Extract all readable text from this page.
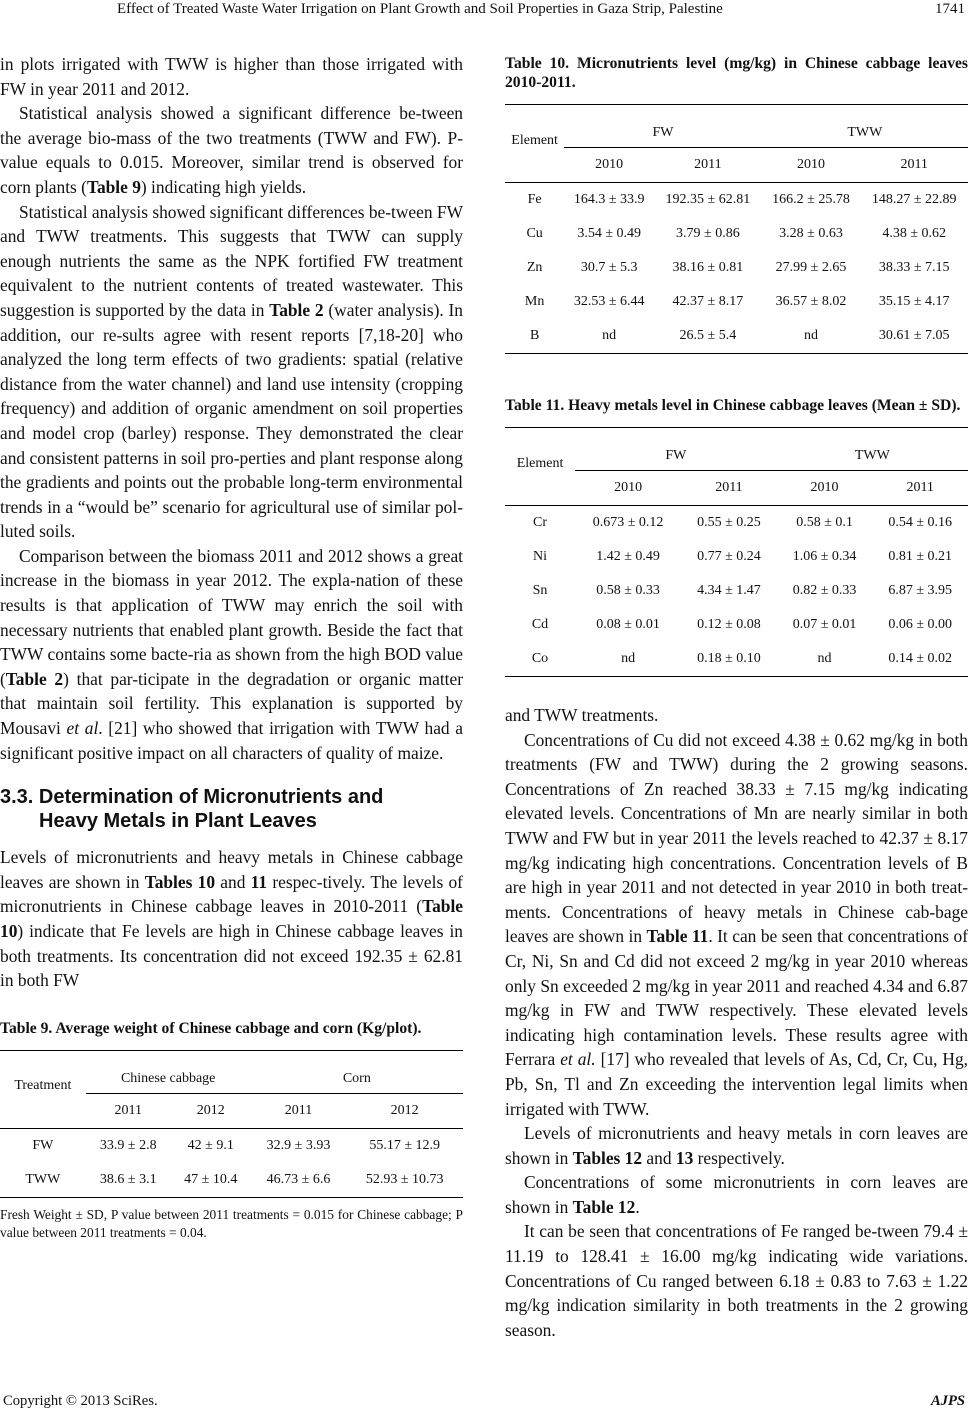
Effect of Treated Waste Water Irrigation on Plant Growth and Soil Properties in Gaza Strip, Palestine	1741

in plots irrigated with TWW is higher than those irrigated with FW in year 2011 and 2012.

Statistical analysis showed a significant difference be-tween the average bio-mass of the two treatments (TWW and FW). P-value equals to 0.015. Moreover, similar trend is observed for corn plants (Table 9) indicating high yields.

Statistical analysis showed significant differences be-tween FW and TWW treatments. This suggests that TWW can supply enough nutrients the same as the NPK fortified FW treatment equivalent to the nutrient contents of treated wastewater. This suggestion is supported by the data in Table 2 (water analysis). In addition, our re-sults agree with resent reports [7,18-20] who analyzed the long term effects of two gradients: spatial (relative distance from the water channel) and land use intensity (cropping frequency) and addition of organic amendment on soil properties and model crop (barley) response. They demonstrated the clear and consistent patterns in soil pro-perties and plant response along the gradients and points out the probable long-term environmental trends in a “would be” scenario for agricultural use of similar pol-luted soils.

Comparison between the biomass 2011 and 2012 shows a great increase in the biomass in year 2012. The expla-nation of these results is that application of TWW may enrich the soil with necessary nutrients that enabled plant growth. Beside the fact that TWW contains some bacte-ria as shown from the high BOD value (Table 2) that par-ticipate in the degradation or organic matter that maintain soil fertility. This explanation is supported by Mousavi et al. [21] who showed that irrigation with TWW had a significant positive impact on all characters of quality of maize.

3.3. Determination of Micronutrients and
Heavy Metals in Plant Leaves

Levels of micronutrients and heavy metals in Chinese cabbage leaves are shown in Tables 10 and 11 respec-tively. The levels of micronutrients in Chinese cabbage leaves in 2010-2011 (Table 10) indicate that Fe levels are high in Chinese cabbage leaves in both treatments. Its concentration did not exceed 192.35 ± 62.81 in both FW

Table 9. Average weight of Chinese cabbage and corn (Kg/plot).
Treatment	Chinese cabbage		Corn	
	2011	2012	2011	2012
FW	33.9 ± 2.8	42 ± 9.1	32.9 ± 3.93	55.17 ± 12.9
TWW	38.6 ± 3.1	47 ± 10.4	46.73 ± 6.6	52.93 ± 10.73
Fresh Weight ± SD, P value between 2011 treatments = 0.015 for Chinese cabbage; P value between 2011 treatments = 0.04.
Table 10. Micronutrients level (mg/kg) in Chinese cabbage leaves 2010-2011.
Element	FW		TWW	
	2010	2011	2010	2011
Fe	164.3 ± 33.9	192.35 ± 62.81	166.2 ± 25.78	148.27 ± 22.89
Cu	3.54 ± 0.49	3.79 ± 0.86	3.28 ± 0.63	4.38 ± 0.62
Zn	30.7 ± 5.3	38.16 ± 0.81	27.99 ± 2.65	38.33 ± 7.15
Mn	32.53 ± 6.44	42.37 ± 8.17	36.57 ± 8.02	35.15 ± 4.17
B	nd	26.5 ± 5.4	nd	30.61 ± 7.05
Table 11. Heavy metals level in Chinese cabbage leaves (Mean ± SD).
Element	FW		TWW	
	2010	2011	2010	2011
Cr	0.673 ± 0.12	0.55 ± 0.25	0.58 ± 0.1	0.54 ± 0.16
Ni	1.42 ± 0.49	0.77 ± 0.24	1.06 ± 0.34	0.81 ± 0.21
Sn	0.58 ± 0.33	4.34 ± 1.47	0.82 ± 0.33	6.87 ± 3.95
Cd	0.08 ± 0.01	0.12 ± 0.08	0.07 ± 0.01	0.06 ± 0.00
Co	nd	0.18 ± 0.10	nd	0.14 ± 0.02

and TWW treatments.

Concentrations of Cu did not exceed 4.38 ± 0.62 mg/kg in both treatments (FW and TWW) during the 2 growing seasons. Concentrations of Zn reached 38.33 ± 7.15 mg/kg indicating elevated levels. Concentrations of Mn are nearly similar in both TWW and FW but in year 2011 the levels reached to 42.37 ± 8.17 mg/kg indicating high concentrations. Concentration levels of B are high in year 2011 and not detected in year 2010 in both treat-ments. Concentrations of heavy metals in Chinese cab-bage leaves are shown in Table 11. It can be seen that concentrations of Cr, Ni, Sn and Cd did not exceed 2 mg/kg in year 2010 whereas only Sn exceeded 2 mg/kg in year 2011 and reached 4.34 and 6.87 mg/kg in FW and TWW respectively. These elevated levels indicating high contamination levels. These results agree with Ferrara et al. [17] who revealed that levels of As, Cd, Cr, Cu, Hg, Pb, Sn, Tl and Zn exceeding the intervention legal limits when irrigated with TWW.

Levels of micronutrients and heavy metals in corn leaves are shown in Tables 12 and 13 respectively.

Concentrations of some micronutrients in corn leaves are shown in Table 12.

It can be seen that concentrations of Fe ranged be-tween 79.4 ± 11.19 to 128.41 ± 16.00 mg/kg indicating wide variations. Concentrations of Cu ranged between 6.18 ± 0.83 to 7.63 ± 1.22 mg/kg indication similarity in both treatments in the 2 growing season.

Copyright © 2013 SciRes.	AJPS
